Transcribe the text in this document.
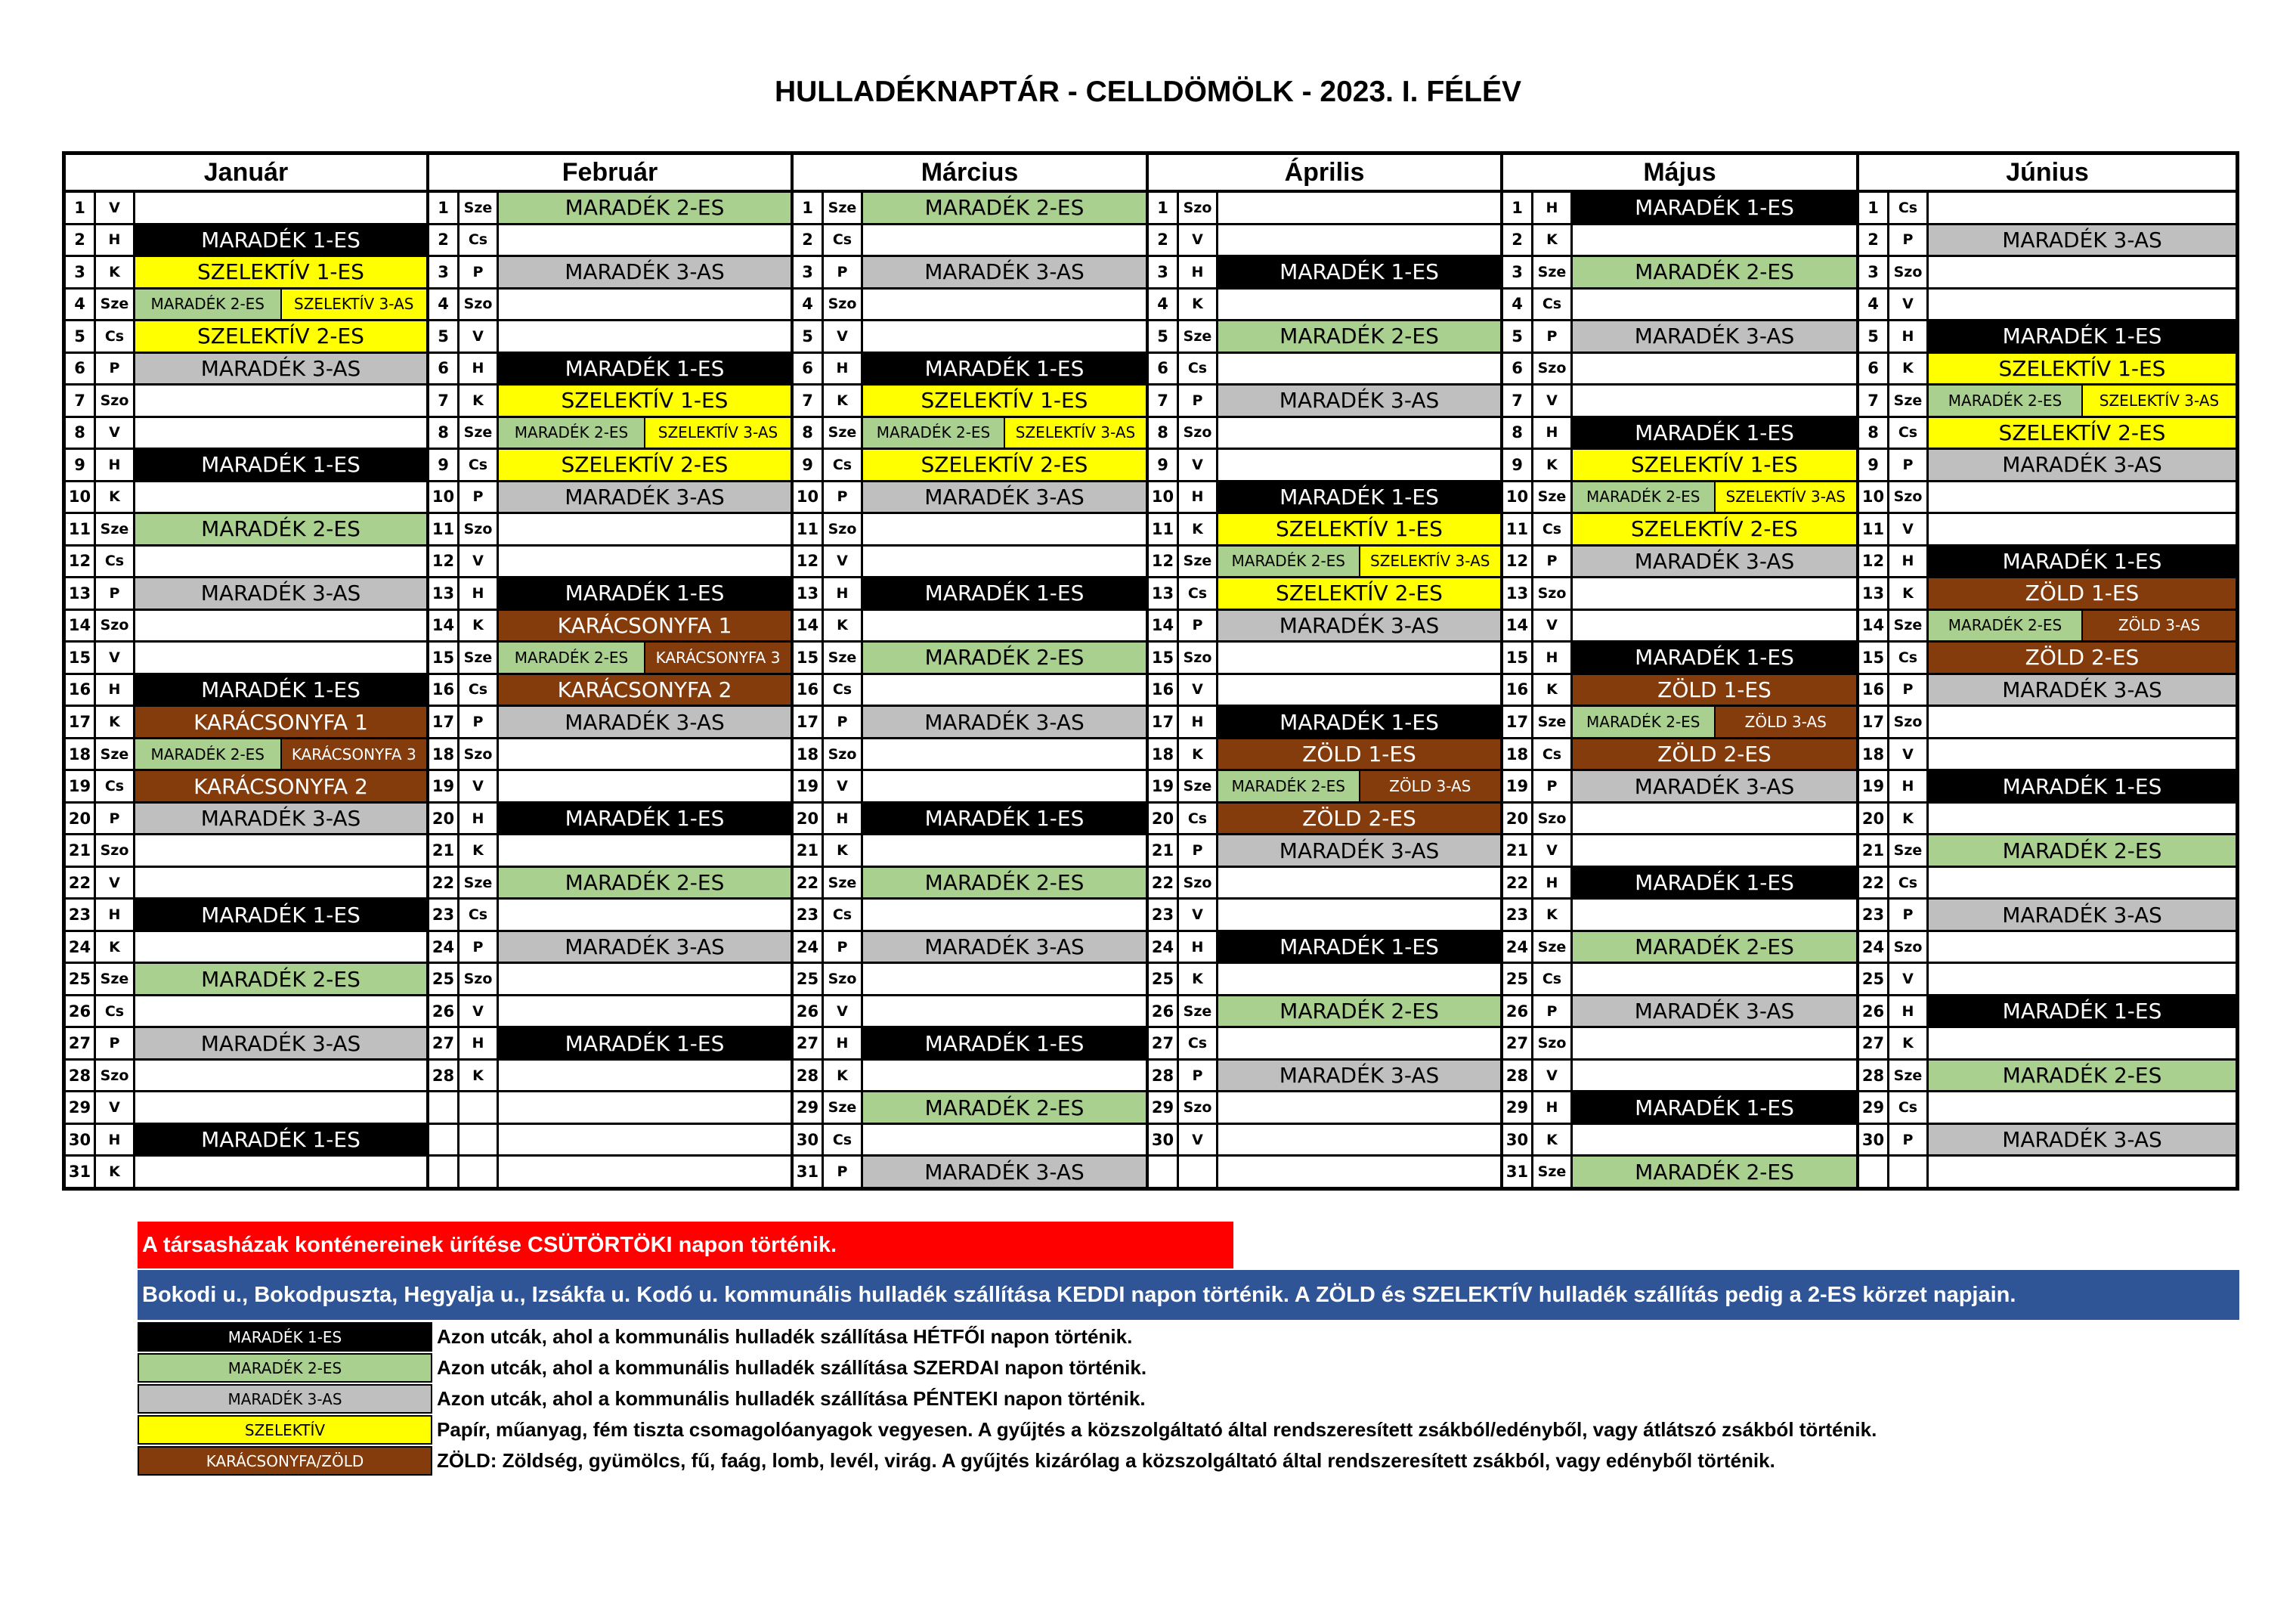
HULLADÉKNAPTÁR - CELLDÖMÖLK - 2023. I. FÉLÉV
Január
1	V
2	H	MARADÉK 1-ES
3	K	SZELEKTÍV 1-ES
4	Sze	MARADÉK 2-ES	SZELEKTÍV 3-AS
5	Cs	SZELEKTÍV 2-ES
6	P	MARADÉK 3-AS
7	Szo
8	V
9	H	MARADÉK 1-ES
10	K
11 Sze	MARADÉK 2-ES
12 Cs
13	P	MARADÉK 3-AS
14 Szo
15	V
16	H	MARADÉK 1-ES
17	K	KARÁCSONYFA 1
18 Sze	MARADÉK 2-ES	KARÁCSONYFA 3
19 Cs	KARÁCSONYFA 2
20	P	MARADÉK 3-AS
21 Szo
22	V
23	H	MARADÉK 1-ES
24	K
25 Sze	MARADÉK 2-ES
26 Cs
27	P	MARADÉK 3-AS
28 Szo
29	V
30	H	MARADÉK 1-ES
31	K
Február
1	Sze	MARADÉK 2-ES
2	Cs
3	P	MARADÉK 3-AS
4	Szo
5	V
6	H	MARADÉK 1-ES
7	K	SZELEKTÍV 1-ES
8	Sze	MARADÉK 2-ES	SZELEKTÍV 3-AS
9	Cs	SZELEKTÍV 2-ES
10	P	MARADÉK 3-AS
11 Szo
12	V
13	H	MARADÉK 1-ES
14	K	KARÁCSONYFA 1
15 Sze	MARADÉK 2-ES	KARÁCSONYFA 3
16 Cs	KARÁCSONYFA 2
17	P	MARADÉK 3-AS
18 Szo
19	V
20	H	MARADÉK 1-ES
21	K
22 Sze	MARADÉK 2-ES
23 Cs
24	P	MARADÉK 3-AS
25 Szo
26	V
27	H	MARADÉK 1-ES
28	K
Március
1	Sze	MARADÉK 2-ES
2	Cs
3	P	MARADÉK 3-AS
4	Szo
5	V
6	H	MARADÉK 1-ES
7	K	SZELEKTÍV 1-ES
8	Sze	MARADÉK 2-ES	SZELEKTÍV 3-AS
9	Cs	SZELEKTÍV 2-ES
10	P	MARADÉK 3-AS
11 Szo
12	V
13	H	MARADÉK 1-ES
14	K
15 Sze	MARADÉK 2-ES
16 Cs
17	P	MARADÉK 3-AS
18 Szo
19	V
20	H	MARADÉK 1-ES
21	K
22 Sze	MARADÉK 2-ES
23 Cs
24	P	MARADÉK 3-AS
25 Szo
26	V
27	H	MARADÉK 1-ES
28	K
29 Sze	MARADÉK 2-ES
30 Cs
31	P	MARADÉK 3-AS
Április
1	Szo
2	V
3	H	MARADÉK 1-ES
4	K
5	Sze	MARADÉK 2-ES
6	Cs
7	P	MARADÉK 3-AS
8	Szo
9	V
10	H	MARADÉK 1-ES
11	K	SZELEKTÍV 1-ES
12 Sze	MARADÉK 2-ES	SZELEKTÍV 3-AS
13 Cs	SZELEKTÍV 2-ES
14	P	MARADÉK 3-AS
15 Szo
16	V
17	H	MARADÉK 1-ES
18	K	ZÖLD 1-ES
19 Sze	MARADÉK 2-ES	ZÖLD 3-AS
20 Cs	ZÖLD 2-ES
21	P	MARADÉK 3-AS
22 Szo
23	V
24	H	MARADÉK 1-ES
25	K
26 Sze	MARADÉK 2-ES
27 Cs
28	P	MARADÉK 3-AS
29 Szo
30	V
Május
1	H	MARADÉK 1-ES
2	K
3	Sze	MARADÉK 2-ES
4	Cs
5	P	MARADÉK 3-AS
6	Szo
7	V
8	H	MARADÉK 1-ES
9	K	SZELEKTÍV 1-ES
10 Sze	MARADÉK 2-ES	SZELEKTÍV 3-AS
11 Cs	SZELEKTÍV 2-ES
12	P	MARADÉK 3-AS
13 Szo
14	V
15	H	MARADÉK 1-ES
16	K	ZÖLD 1-ES
17 Sze	MARADÉK 2-ES	ZÖLD 3-AS
18 Cs	ZÖLD 2-ES
19	P	MARADÉK 3-AS
20 Szo
21	V
22	H	MARADÉK 1-ES
23	K
24 Sze	MARADÉK 2-ES
25 Cs
26	P	MARADÉK 3-AS
27 Szo
28	V
29	H	MARADÉK 1-ES
30	K
31 Sze	MARADÉK 2-ES
Június
1	Cs
2	P	MARADÉK 3-AS
3	Szo
4	V
5	H	MARADÉK 1-ES
6	K	SZELEKTÍV 1-ES
7	Sze	MARADÉK 2-ES	SZELEKTÍV 3-AS
8	Cs	SZELEKTÍV 2-ES
9	P	MARADÉK 3-AS
10 Szo
11	V
12	H	MARADÉK 1-ES
13	K	ZÖLD 1-ES
14 Sze	MARADÉK 2-ES	ZÖLD 3-AS
15 Cs	ZÖLD 2-ES
16	P	MARADÉK 3-AS
17 Szo
18	V
19	H	MARADÉK 1-ES
20	K
21 Sze	MARADÉK 2-ES
22 Cs
23	P	MARADÉK 3-AS
24 Szo
25	V
26	H	MARADÉK 1-ES
27	K
28 Sze	MARADÉK 2-ES
29 Cs
30	P	MARADÉK 3-AS
A társasházak konténereinek ürítése CSÜTÖRTÖKI napon történik.
Bokodi u., Bokodpuszta, Hegyalja u., Izsákfa u. Kodó u. kommunális hulladék szállítása KEDDI napon történik. A ZÖLD és SZELEKTÍV hulladék szállítás pedig a 2-ES körzet napjain.
MARADÉK 1-ES	Azon utcák, ahol a kommunális hulladék szállítása HÉTFŐI napon történik.
MARADÉK 2-ES	Azon utcák, ahol a kommunális hulladék szállítása SZERDAI napon történik.
MARADÉK 3-AS	Azon utcák, ahol a kommunális hulladék szállítása PÉNTEKI napon történik.
SZELEKTÍV	Papír, műanyag, fém tiszta csomagolóanyagok vegyesen. A gyűjtés a közszolgáltató által rendszeresített zsákból/edényből, vagy átlátszó zsákból történik.
KARÁCSONYFA/ZÖLD	ZÖLD: Zöldség, gyümölcs, fű, faág, lomb, levél, virág. A gyűjtés kizárólag a közszolgáltató által rendszeresített zsákból, vagy edényből történik.
